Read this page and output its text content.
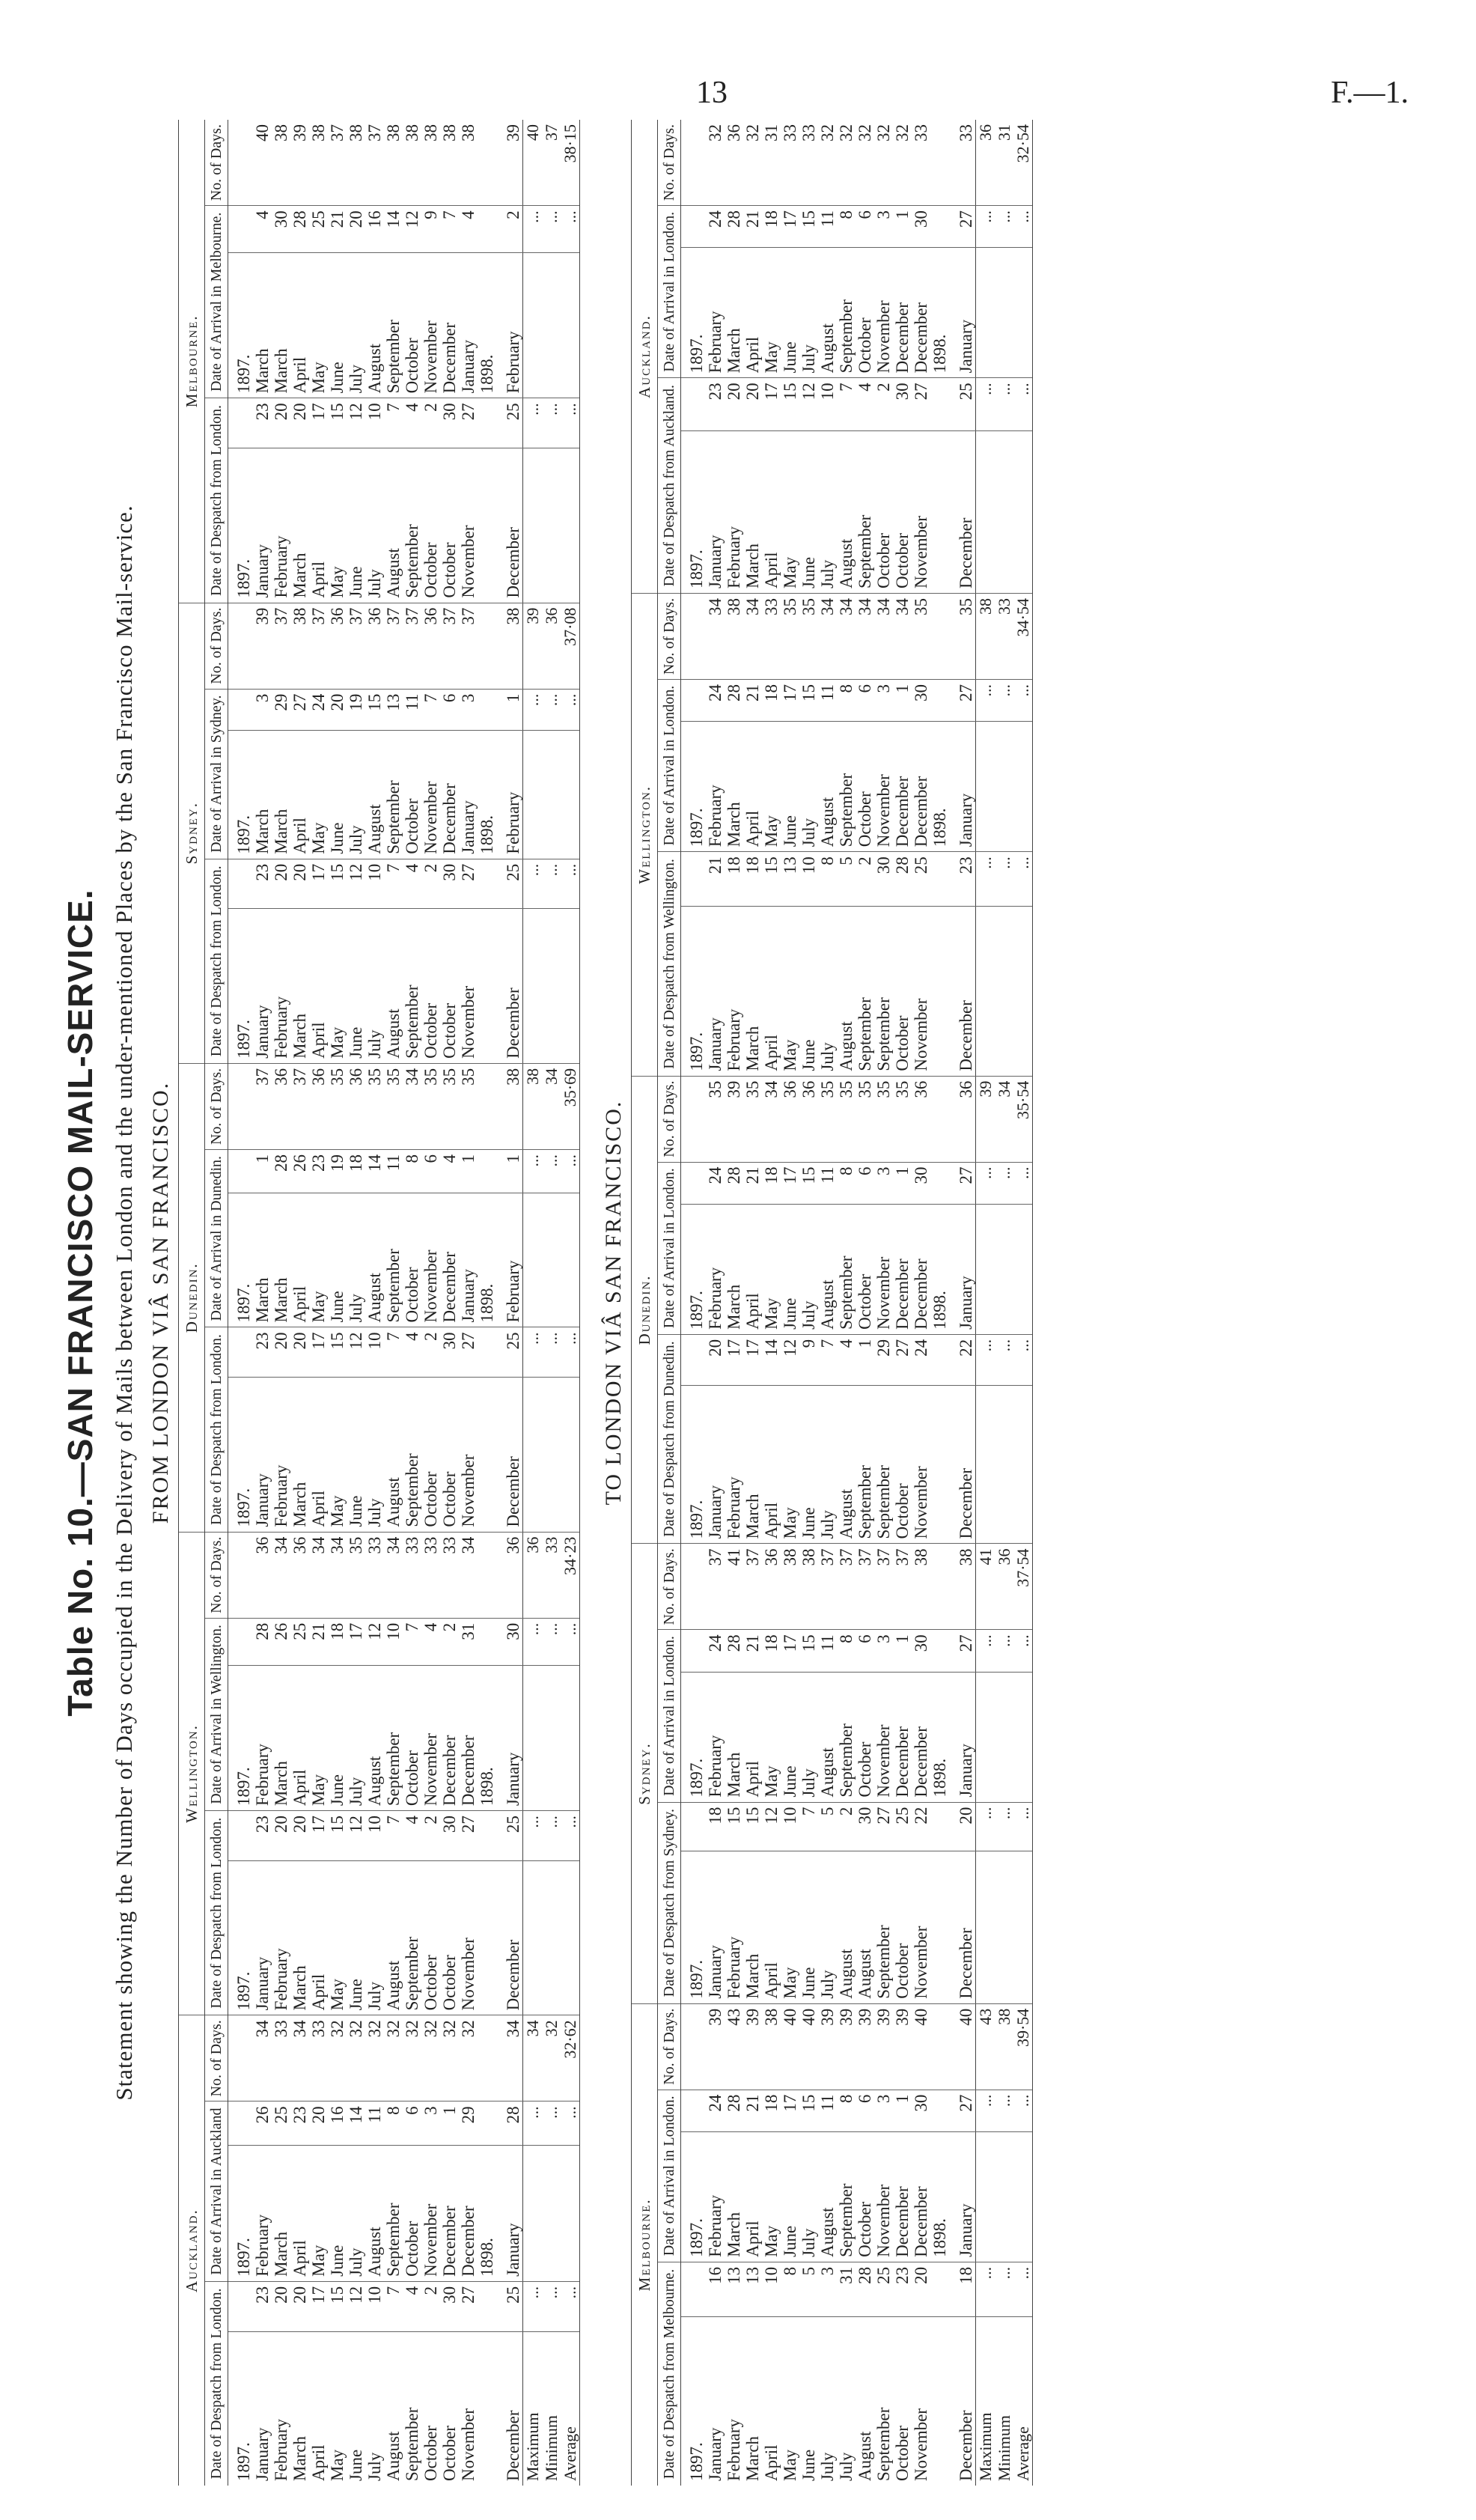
13	F.—1.
Table No. 10.—SAN FRANCISCO MAIL-SERVICE. Statement showing the Number of Days occupied in the Delivery of Mails between London and the under-mentioned Places by the San Francisco Mail-service. FROM LONDON VIÂ SAN FRANCISCO.
Auckland.					Wellington.					Dunedin.					Sydney.					Melbourne.				
Date of Despatch from London.		Date of Arrival in Auckland		No. of Days.	Date of Despatch from London.		Date of Arrival in Wellington.		No. of Days.	Date of Despatch from London.		Date of Arrival in Dunedin.		No. of Days.	Date of Despatch from London.		Date of Arrival in Sydney.		No. of Days.	Date of Despatch from London.		Date of Arrival in Melbourne.		No. of Days.
1897.		1897.			1897.		1897.			1897.		1897.			1897.		1897.			1897.		1897.		
January	23	February	26	34	January	23	February	28	36	January	23	March	1	37	January	23	March	3	39	January	23	March	4	40
February	20	March	25	33	February	20	March	26	34	February	20	March	28	36	February	20	March	29	37	February	20	March	30	38
March	20	April	23	34	March	20	April	25	36	March	20	April	26	37	March	20	April	27	38	March	20	April	28	39
April	17	May	20	33	April	17	May	21	34	April	17	May	23	36	April	17	May	24	37	April	17	May	25	38
May	15	June	16	32	May	15	June	18	34	May	15	June	19	35	May	15	June	20	36	May	15	June	21	37
June	12	July	14	32	June	12	July	17	35	June	12	July	18	36	June	12	July	19	37	June	12	July	20	38
July	10	August	11	32	July	10	August	12	33	July	10	August	14	35	July	10	August	15	36	July	10	August	16	37
August	7	September	8	32	August	7	September	10	34	August	7	September	11	35	August	7	September	13	37	August	7	September	14	38
September	4	October	6	32	September	4	October	7	33	September	4	October	8	34	September	4	October	11	37	September	4	October	12	38
October	2	November	3	32	October	2	November	4	33	October	2	November	6	35	October	2	November	7	36	October	2	November	9	38
October	30	December	1	32	October	30	December	2	33	October	30	December	4	35	October	30	December	6	37	October	30	December	7	38
November	27	December	29	32	November	27	December	31	34	November	27	January	1	35	November	27	January	3	37	November	27	January	4	38
		1898.					1898.					1898.					1898.					1898.		
December	25	January	28	34	December	25	January	30	36	December	25	February	1	38	December	25	February	1	38	December	25	February	2	39
Maximum	...		...	34		...		...	36		...		...	38		...		...	39		...		...	40
Minimum	...		...	32		...		...	33		...		...	34		...		...	36		...		...	37
Average	...		...	32·62		...		...	34·23		...		...	35·69		...		...	37·08		...		...	38·15
TO LONDON VIÂ SAN FRANCISCO.
Melbourne.					Sydney.					Dunedin.					Wellington.					Auckland.				
Date of Despatch from Melbourne.		Date of Arrival in London.		No. of Days.	Date of Despatch from Sydney.		Date of Arrival in London.		No. of Days.	Date of Despatch from Dunedin.		Date of Arrival in London.		No. of Days.	Date of Despatch from Wellington.		Date of Arrival in London.		No. of Days.	Date of Despatch from Auckland.		Date of Arrival in London.		No. of Days.
1897.		1897.			1897.		1897.			1897.		1897.			1897.		1897.			1897.		1897.		
January	16	February	24	39	January	18	February	24	37	January	20	February	24	35	January	21	February	24	34	January	23	February	24	32
February	13	March	28	43	February	15	March	28	41	February	17	March	28	39	February	18	March	28	38	February	20	March	28	36
March	13	April	21	39	March	15	April	21	37	March	17	April	21	35	March	18	April	21	34	March	20	April	21	32
April	10	May	18	38	April	12	May	18	36	April	14	May	18	34	April	15	May	18	33	April	17	May	18	31
May	8	June	17	40	May	10	June	17	38	May	12	June	17	36	May	13	June	17	35	May	15	June	17	33
June	5	July	15	40	June	7	July	15	38	June	9	July	15	36	June	10	July	15	35	June	12	July	15	33
July	3	August	11	39	July	5	August	11	37	July	7	August	11	35	July	8	August	11	34	July	10	August	11	32
July	31	September	8	39	August	2	September	8	37	August	4	September	8	35	August	5	September	8	34	August	7	September	8	32
August	28	October	6	39	August	30	October	6	37	September	1	October	6	35	September	2	October	6	34	September	4	October	6	32
September	25	November	3	39	September	27	November	3	37	September	29	November	3	35	September	30	November	3	34	October	2	November	3	32
October	23	December	1	39	October	25	December	1	37	October	27	December	1	35	October	28	December	1	34	October	30	December	1	32
November	20	December	30	40	November	22	December	30	38	November	24	December	30	36	November	25	December	30	35	November	27	December	30	33
		1898.					1898.					1898.					1898.					1898.		
December	18	January	27	40	December	20	January	27	38	December	22	January	27	36	December	23	January	27	35	December	25	January	27	33
Maximum	...		...	43		...		...	41		...		...	39		...		...	38		...		...	36
Minimum	...		...	38		...		...	36		...		...	34		...		...	33		...		...	31
Average	...		...	39·54		...		...	37·54		...		...	35·54		...		...	34·54		...		...	32·54
